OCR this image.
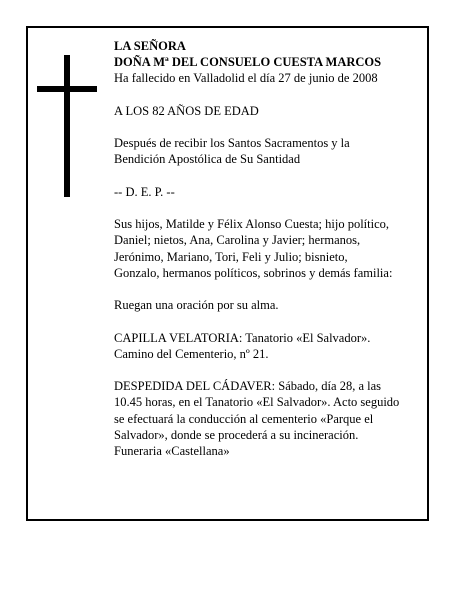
LA SEÑORA
DOÑA Mª DEL CONSUELO CUESTA MARCOS
Ha fallecido en Valladolid el día 27 de junio de 2008

A LOS 82 AÑOS DE EDAD

Después de recibir los Santos Sacramentos y la
Bendición Apostólica de Su Santidad

-- D. E. P. --

Sus hijos, Matilde y Félix Alonso Cuesta; hijo político,
Daniel; nietos, Ana, Carolina y Javier; hermanos,
Jerónimo, Mariano, Tori, Feli y Julio; bisnieto,
Gonzalo, hermanos políticos, sobrinos y demás familia:

Ruegan una oración por su alma.

CAPILLA VELATORIA: Tanatorio «El Salvador».
Camino del Cementerio, nº 21.

DESPEDIDA DEL CÁDAVER: Sábado, día 28, a las
10.45 horas, en el Tanatorio «El Salvador». Acto seguido
se efectuará la conducción al cementerio «Parque el
Salvador», donde se procederá a su incineración.
Funeraria «Castellana»
